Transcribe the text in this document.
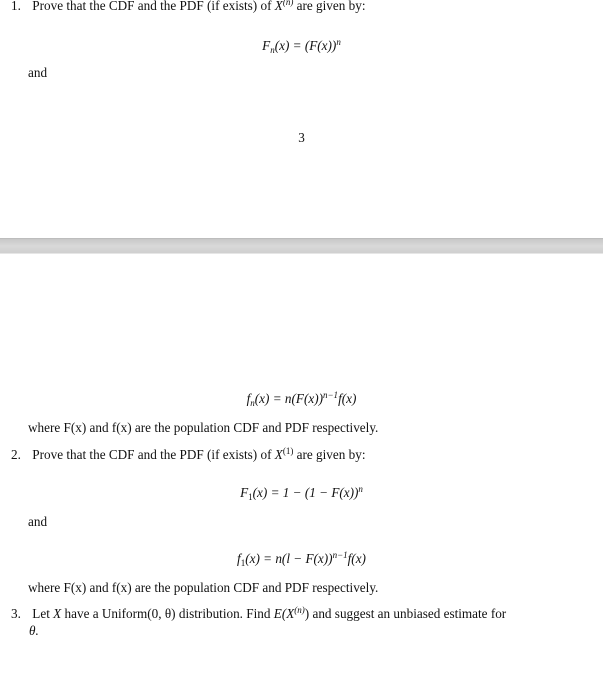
1. Prove that the CDF and the PDF (if exists) of $X^{(n)}$ are given by:
$F_n(x) = (F(x))^n$
and
3
$f_n(x) = n(F(x))^{n-1}f(x)$
where F(x) and f(x) are the population CDF and PDF respectively.
2. Prove that the CDF and the PDF (if exists) of $X^{(1)}$ are given by:
$F_1(x) = 1 - (1 - F(x))^n$
and
$f_1(x) = n(l - F(x))^{n-1}f(x)$
where F(x) and f(x) are the population CDF and PDF respectively.
3. Let X have a Uniform(0, θ) distribution. Find $E(X^{(n)})$ and suggest an unbiased estimate for
θ.
